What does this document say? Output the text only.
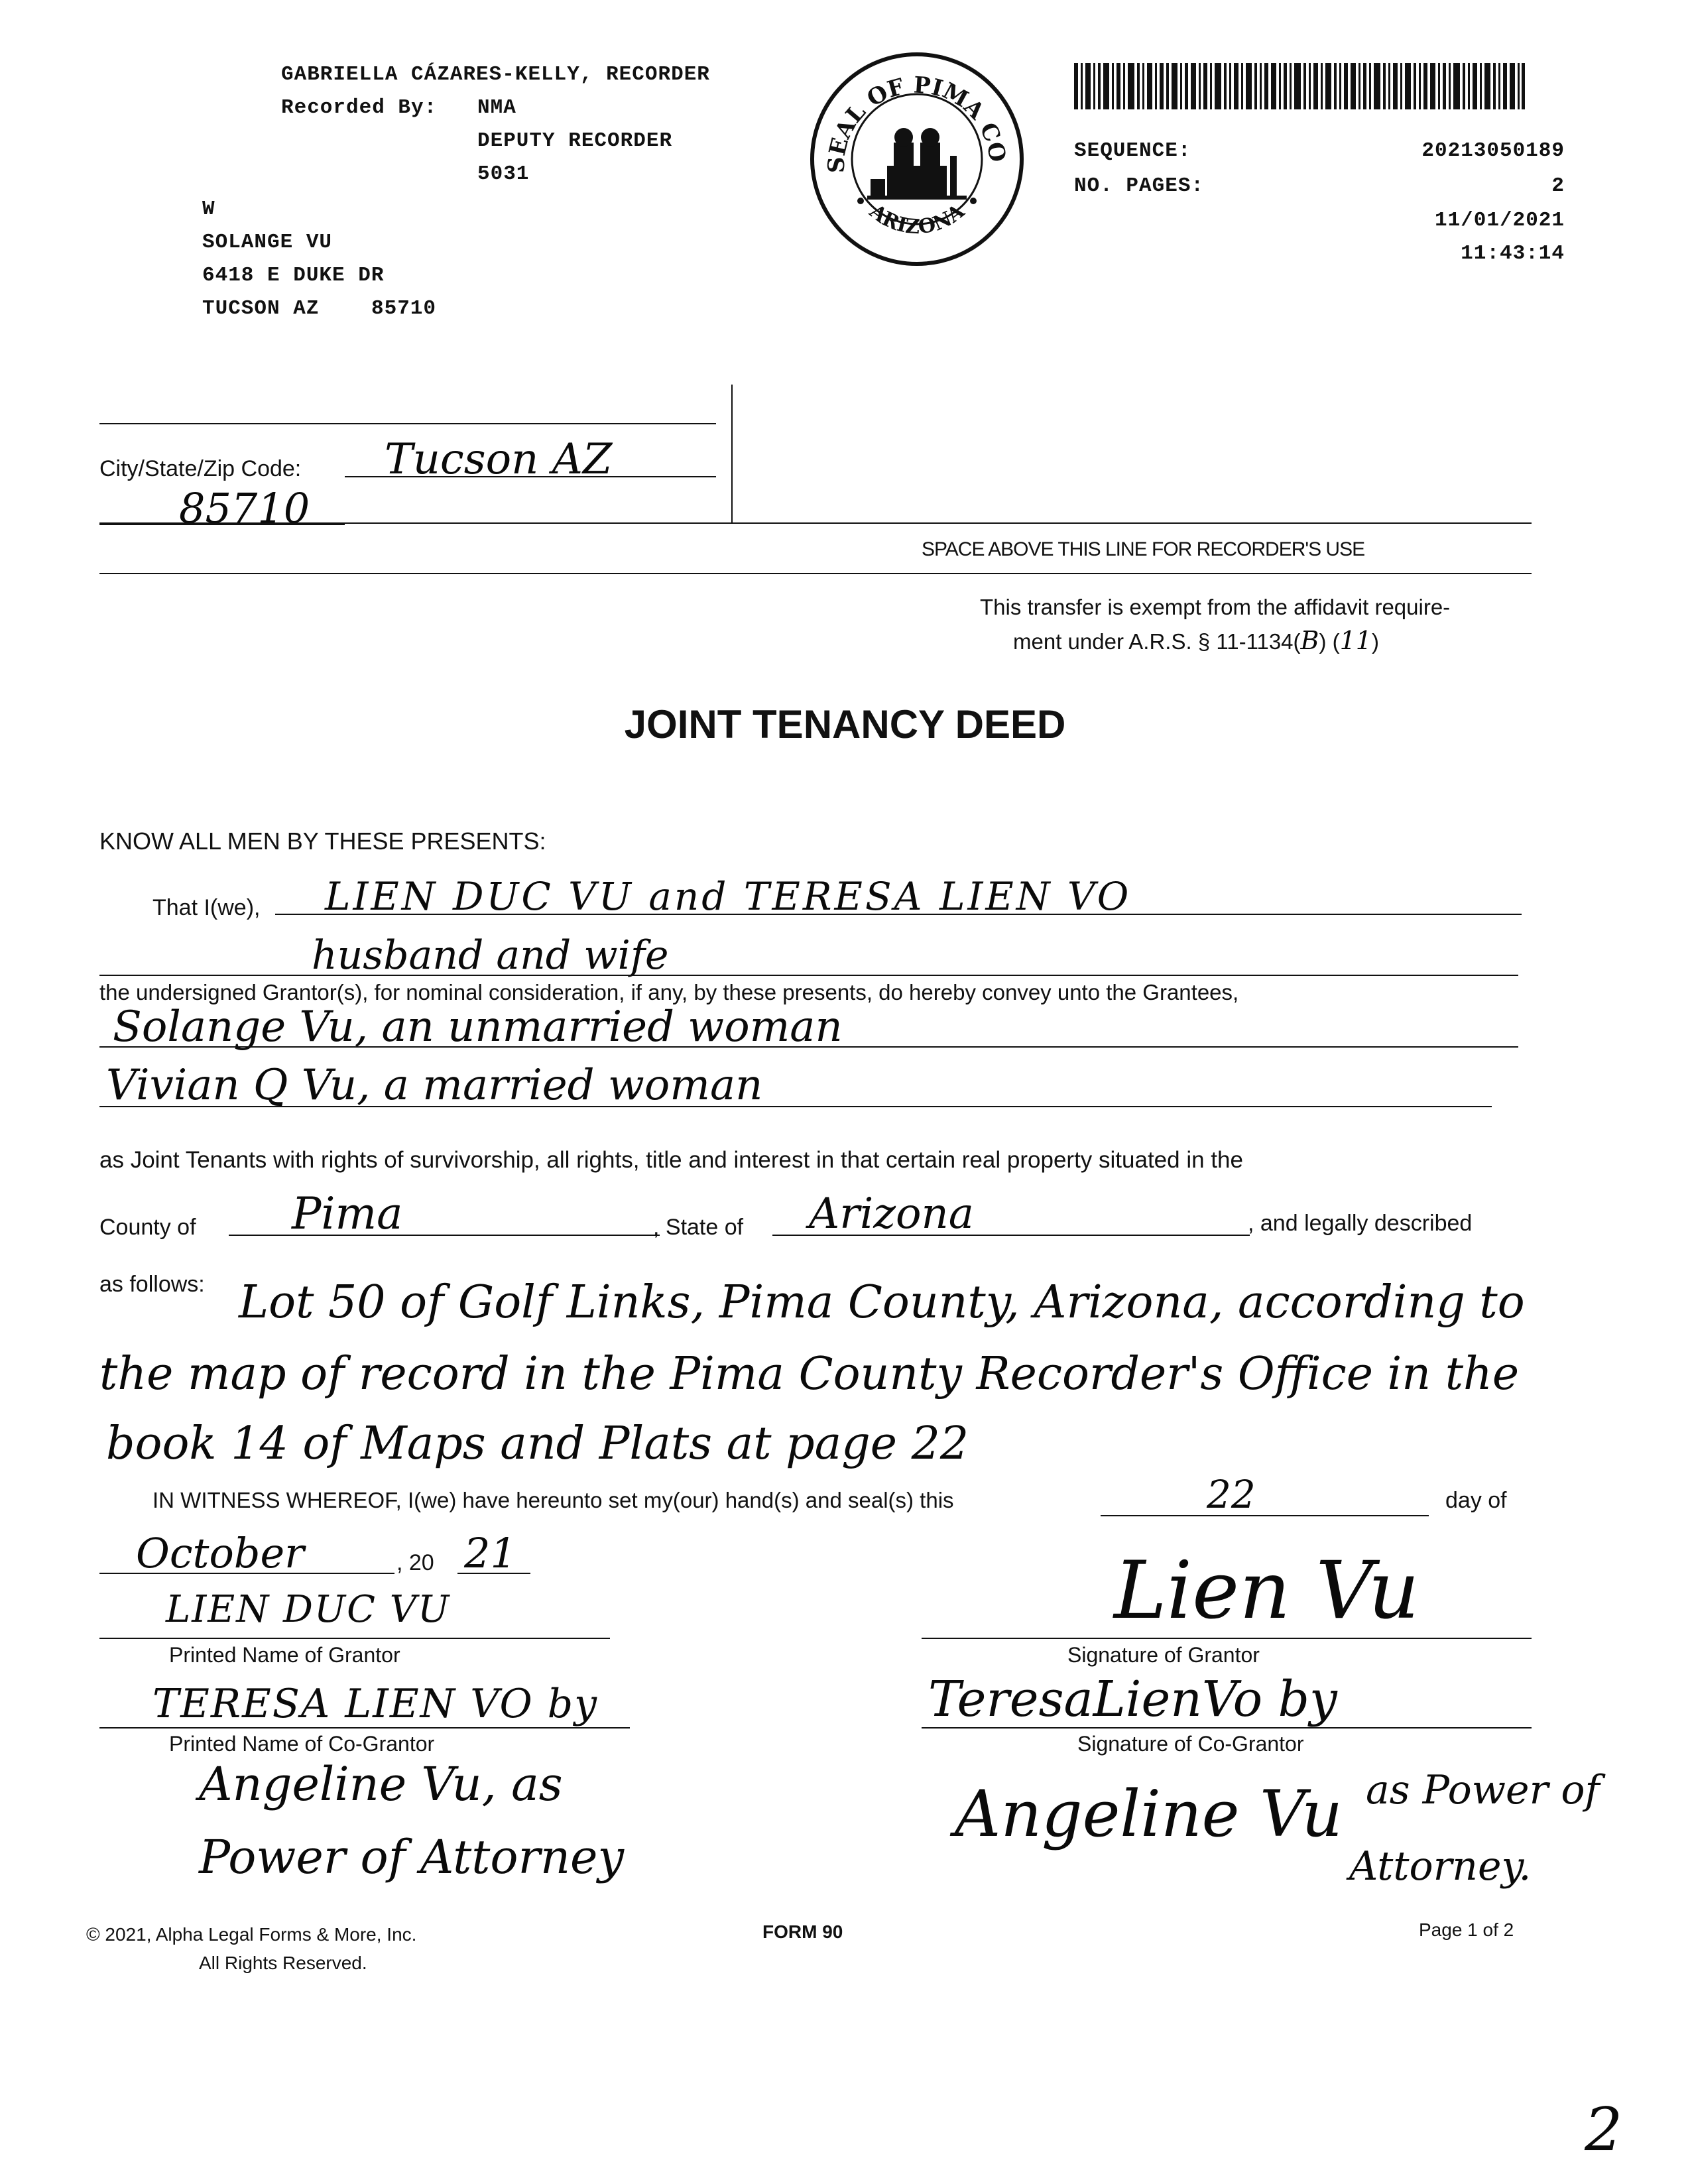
GABRIELLA CÁZARES-KELLY, RECORDER
Recorded By: NMA
DEPUTY RECORDER
5031
W
SOLANGE VU
6418 E DUKE DR
TUCSON AZ	85710
SEAL OF PIMA CO
ARIZONA
SEQUENCE:	20213050189
NO. PAGES:	2
11/01/2021
11:43:14
City/State/Zip Code: Tucson AZ
85710
SPACE ABOVE THIS LINE FOR RECORDER'S USE
This transfer is exempt from the affidavit require-
ment under A.R.S. § 11-1134(B) (11)
JOINT TENANCY DEED
KNOW ALL MEN BY THESE PRESENTS:
That I(we), LIEN DUC VU and TERESA LIEN VO
husband and wife
the undersigned Grantor(s), for nominal consideration, if any, by these presents, do hereby convey unto the Grantees,
Solange Vu, an unmarried woman
Vivian Q Vu, a married woman
as Joint Tenants with rights of survivorship, all rights, title and interest in that certain real property situated in the
County of Pima	, State of Arizona	, and legally described
as follows: Lot 50 of Golf Links, Pima County, Arizona, according to
the map of record in the Pima County Recorder's Office in the
book 14 of Maps and Plats at page 22
IN WITNESS WHEREOF, I(we) have hereunto set my(our) hand(s) and seal(s) this	22	day of
October	, 20 21
LIEN DUC VU
Printed Name of Grantor
Lien Vu
Signature of Grantor
TERESA LIEN VO by
Printed Name of Co-Grantor
Angeline Vu, as
Power of Attorney
TeresaLienVo by
Signature of Co-Grantor
Angeline Vu as Power of
Attorney.
© 2021, Alpha Legal Forms & More, Inc.
All Rights Reserved.
FORM 90	Page 1 of 2
2
